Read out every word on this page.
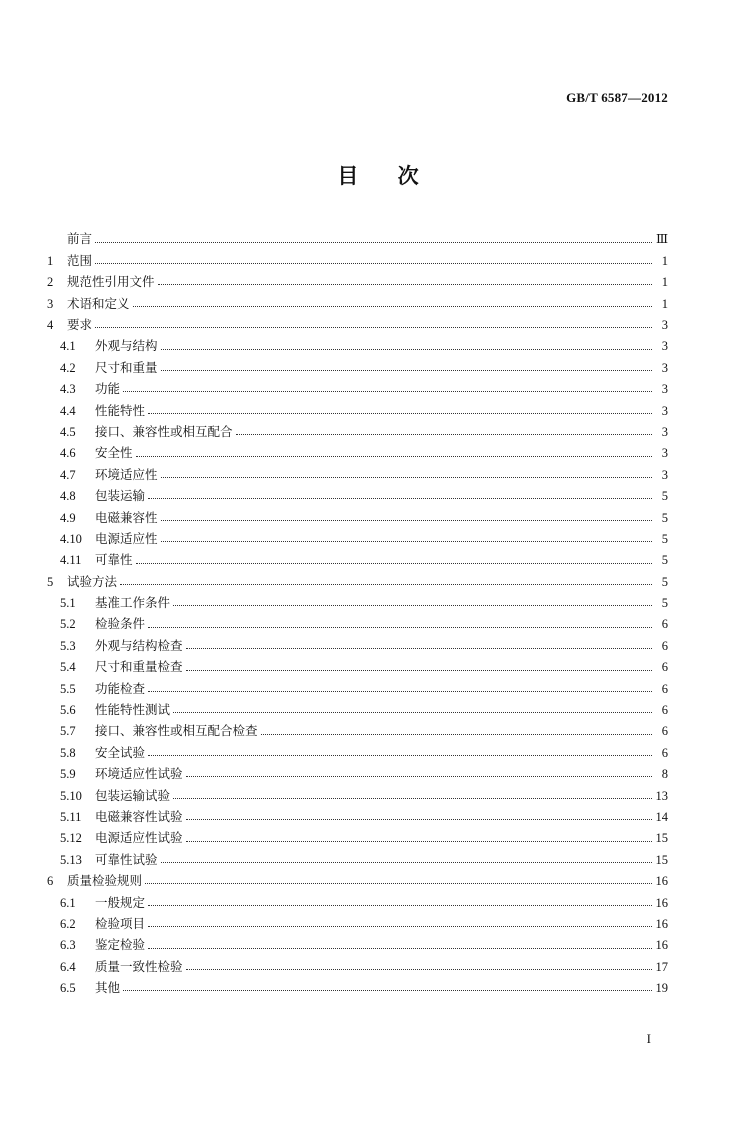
GB/T 6587—2012
目 次
前言	Ⅲ
1	范围	1
2	规范性引用文件	1
3	术语和定义	1
4	要求	3
4.1	外观与结构	3
4.2	尺寸和重量	3
4.3	功能	3
4.4	性能特性	3
4.5	接口、兼容性或相互配合	3
4.6	安全性	3
4.7	环境适应性	3
4.8	包装运输	5
4.9	电磁兼容性	5
4.10	电源适应性	5
4.11	可靠性	5
5	试验方法	5
5.1	基准工作条件	5
5.2	检验条件	6
5.3	外观与结构检查	6
5.4	尺寸和重量检查	6
5.5	功能检查	6
5.6	性能特性测试	6
5.7	接口、兼容性或相互配合检查	6
5.8	安全试验	6
5.9	环境适应性试验	8
5.10	包装运输试验	13
5.11	电磁兼容性试验	14
5.12	电源适应性试验	15
5.13	可靠性试验	15
6	质量检验规则	16
6.1	一般规定	16
6.2	检验项目	16
6.3	鉴定检验	16
6.4	质量一致性检验	17
6.5	其他	19
I
